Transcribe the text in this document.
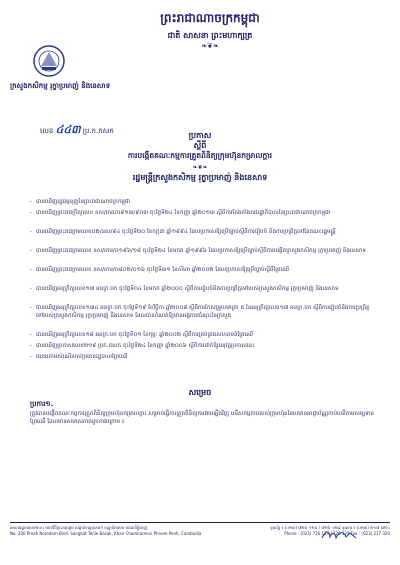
ព្រះរាជាណាចក្រកម្ពុជា
ជាតិ សាសនា ព្រះមហាក្សត្រ
❧❦❧
ក្រសួងកសិកម្ម រុក្ខាប្រមាញ់ និងនេសាទ
លេខ ៤៤៣ ប្រ.ក.កសក	ប្រកាស
ស្តីពី
ការបង្កើតគណៈកម្មការត្រួតពិនិត្យក្រុមហ៊ុនកម្រាលក្ដារ
❧❦❧
រដ្ឋមន្ត្រីក្រសួងកសិកម្ម រុក្ខាប្រមាញ់ និងនេសាទ
- បានឃើញរដ្ឋធម្មនុញ្ញនៃព្រះរាជាណាចក្រកម្ពុជា
- បានឃើញព្រះរាជក្រឹត្យលេខ នស/រកត/០៩១៣/៩០៣ ចុះថ្ងៃទី២៤ ខែកញ្ញា ឆ្នាំ២០១៣ ស្ដីពីការតែងតាំងរាជរដ្ឋាភិបាលនៃព្រះរាជាណាចក្រកម្ពុជា
- បានឃើញព្រះរាជក្រមលេខ០២/នស/៩៤ ចុះថ្ងៃទី២០ ខែកក្កដា ឆ្នាំ១៩៩៤ ដែលប្រកាសឱ្យប្រើច្បាប់ស្ដីពីការរៀបចំ និងការប្រព្រឹត្តទៅនៃគណៈរដ្ឋមន្ត្រី
- បានឃើញព្រះរាជក្រមលេខ នស/រកម/០១៩៦/១៨ ចុះថ្ងៃទី២៤ ខែមករា ឆ្នាំ១៩៩៦ ដែលប្រកាសឱ្យប្រើច្បាប់ស្ដីពីការបង្កើតក្រសួងកសិកម្ម រុក្ខាប្រមាញ់ និងនេសាទ
- បានឃើញព្រះរាជក្រមលេខ នស/រកម/០៨០២/០១៦ ចុះថ្ងៃទី៣១ ខែសីហា ឆ្នាំ២០០២ ដែលប្រកាសឱ្យប្រើច្បាប់ស្ដីពីព្រៃឈើ
- បានឃើញអនុក្រឹត្យលេខ១៧ អនក្រ.បក ចុះថ្ងៃទី០៤ ខែមករា ឆ្នាំ២០០០ ស្ដីពីការរៀបចំនិងការប្រព្រឹត្តទៅរបស់ក្រសួងកសិកម្ម រុក្ខាប្រមាញ់ និងនេសាទ
- បានឃើញអនុក្រឹត្យលេខ១៣៤ អនក្រ.បក ចុះថ្ងៃទី១៩ ខែវិច្ឆិកា ឆ្នាំ២០០៨ ស្ដីពីការកែសម្រួលមាត្រា ៥ នៃអនុក្រឹត្យលេខ១៧ អនក្រ.បក ស្ដីពីការរៀបចំនិងការប្រព្រឹត្តទៅរបស់ក្រសួងកសិកម្ម រុក្ខាប្រមាញ់ និងនេសាទ ដែលបានកំណត់ឱ្យមានអង្គភាពចំណុះនៃក្រសួង
- បានឃើញអនុក្រឹត្យលេខ១៨ អនក្រ.បក ចុះថ្ងៃទី០១ ខែកុម្ភៈ ឆ្នាំ២០០២ ស្ដីពីការគ្រប់គ្រងសហគមន៍ព្រៃឈើ
- បានឃើញប្រកាសលេខ២១៩ ប្រក.កសក ចុះថ្ងៃទី២៤ ខែកញ្ញា ឆ្នាំ២០០៦ ស្ដីពីការដាក់ឱ្យអនុវត្តប្រកាសនេះ
- យោងតាមសំណើរបស់ប្រធានរដ្ឋបាលព្រៃឈើ
សម្រេច
ប្រការ១.
ត្រូវបានបង្កើតគណៈកម្មការត្រួតពិនិត្យក្រុមហ៊ុនកម្រាលក្ដារ សម្រាប់ធ្វើការត្រួតពិនិត្យការងារឡើងវិញ លើសកម្មភាពរបស់ក្រុមហ៊ុនដែលមានអាជ្ញាប័ណ្ណកាប់ឈើតាមសម្បទានព្រៃឈើ ដែលមានសមាសភាពដូចខាងក្រោម ៖
អាសយដ្ឋានលេខ២០០ មហាវិថីព្រះនរោត្តម សង្កាត់ទន្លេបាសាក់ ខណ្ឌចំការមន រាជធានីភ្នំពេញ
No. 200 Preah Norodom Blvd. Sangkat Tonle Basak, Khan Chamkarmon Phnom Penh, Cambodia
ទូរស័ព្ទ ៖ (០២៣) ៧២៦ ១២៩ / ៧២៦ ១២៩ ទូរសារ ៖ (០២៣) ២១៧ ៣២០
Phone : (023) 726 129 / 726 129 Fax : (023) 217 320
